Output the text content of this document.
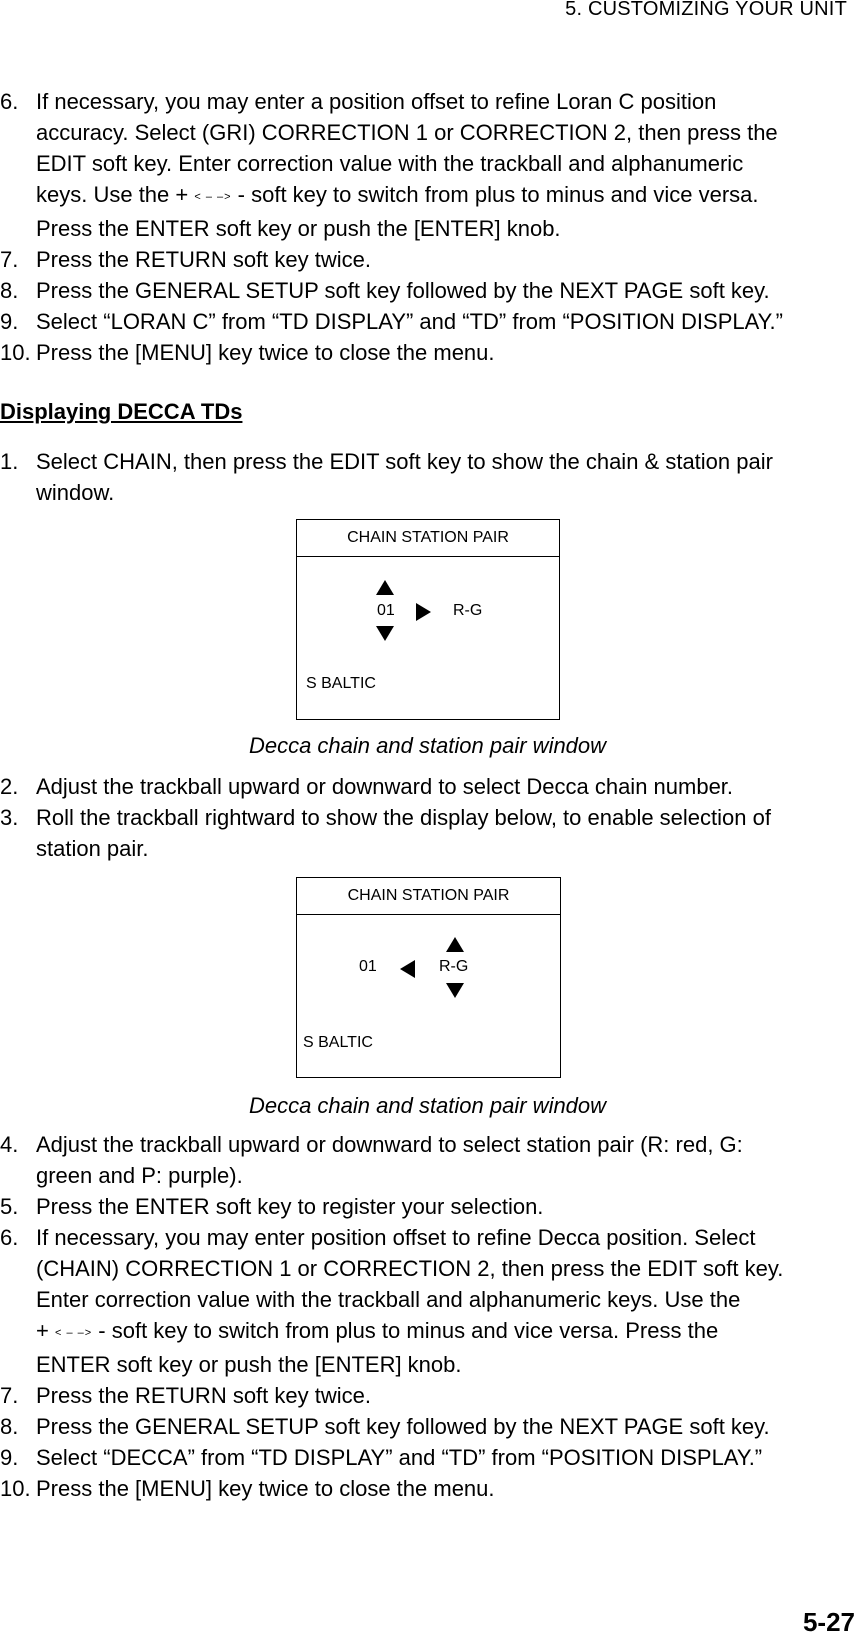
5. CUSTOMIZING YOUR UNIT
6. If necessary, you may enter a position offset to refine Loran C position
accuracy. Select (GRI) CORRECTION 1 or CORRECTION 2, then press the
EDIT soft key. Enter correction value with the trackball and alphanumeric
keys. Use the + < – –> - soft key to switch from plus to minus and vice versa.
Press the ENTER soft key or push the [ENTER] knob.
7. Press the RETURN soft key twice.
8. Press the GENERAL SETUP soft key followed by the NEXT PAGE soft key.
9. Select “LORAN C” from “TD DISPLAY” and “TD” from “POSITION DISPLAY.”
10. Press the [MENU] key twice to close the menu.
Displaying DECCA TDs
1. Select CHAIN, then press the EDIT soft key to show the chain & station pair
window.
CHAIN STATION PAIR
01	R-G
S BALTIC
Decca chain and station pair window
2. Adjust the trackball upward or downward to select Decca chain number.
3. Roll the trackball rightward to show the display below, to enable selection of
station pair.
CHAIN STATION PAIR
01	R-G
S BALTIC
Decca chain and station pair window
4. Adjust the trackball upward or downward to select station pair (R: red, G:
green and P: purple).
5. Press the ENTER soft key to register your selection.
6. If necessary, you may enter position offset to refine Decca position. Select
(CHAIN) CORRECTION 1 or CORRECTION 2, then press the EDIT soft key.
Enter correction value with the trackball and alphanumeric keys. Use the
+ < – –> - soft key to switch from plus to minus and vice versa. Press the
ENTER soft key or push the [ENTER] knob.
7. Press the RETURN soft key twice.
8. Press the GENERAL SETUP soft key followed by the NEXT PAGE soft key.
9. Select “DECCA” from “TD DISPLAY” and “TD” from “POSITION DISPLAY.”
10. Press the [MENU] key twice to close the menu.
5-27
